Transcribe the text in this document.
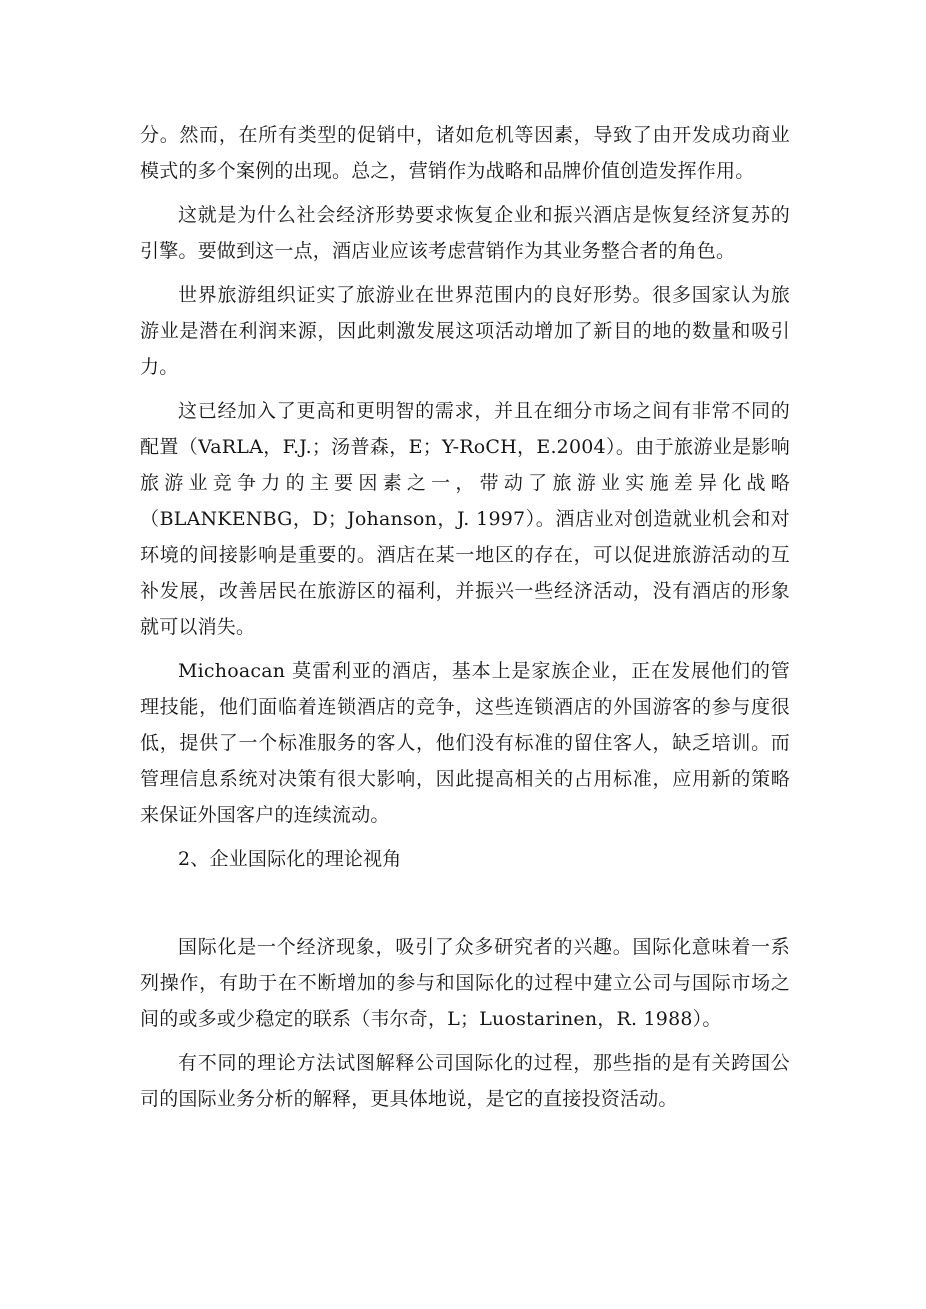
分。然而，在所有类型的促销中，诸如危机等因素，导致了由开发成功商业模式的多个案例的出现。总之，营销作为战略和品牌价值创造发挥作用。

这就是为什么社会经济形势要求恢复企业和振兴酒店是恢复经济复苏的引擎。要做到这一点，酒店业应该考虑营销作为其业务整合者的角色。

世界旅游组织证实了旅游业在世界范围内的良好形势。很多国家认为旅游业是潜在利润来源，因此刺激发展这项活动增加了新目的地的数量和吸引力。

这已经加入了更高和更明智的需求，并且在细分市场之间有非常不同的配置（VaRLA，F.J.；汤普森，E；Y-RoCH，E.2004）。由于旅游业是影响旅游业竞争力的主要因素之一，带动了旅游业实施差异化战略（BLANKENBG，D；Johanson，J. 1997）。酒店业对创造就业机会和对环境的间接影响是重要的。酒店在某一地区的存在，可以促进旅游活动的互补发展，改善居民在旅游区的福利，并振兴一些经济活动，没有酒店的形象就可以消失。

Michoacan 莫雷利亚的酒店，基本上是家族企业，正在发展他们的管理技能，他们面临着连锁酒店的竞争，这些连锁酒店的外国游客的参与度很低，提供了一个标准服务的客人，他们没有标准的留住客人，缺乏培训。而管理信息系统对决策有很大影响，因此提高相关的占用标准，应用新的策略来保证外国客户的连续流动。

2、企业国际化的理论视角

国际化是一个经济现象，吸引了众多研究者的兴趣。国际化意味着一系列操作，有助于在不断增加的参与和国际化的过程中建立公司与国际市场之间的或多或少稳定的联系（韦尔奇，L；Luostarinen，R. 1988）。

有不同的理论方法试图解释公司国际化的过程，那些指的是有关跨国公司的国际业务分析的解释，更具体地说，是它的直接投资活动。
